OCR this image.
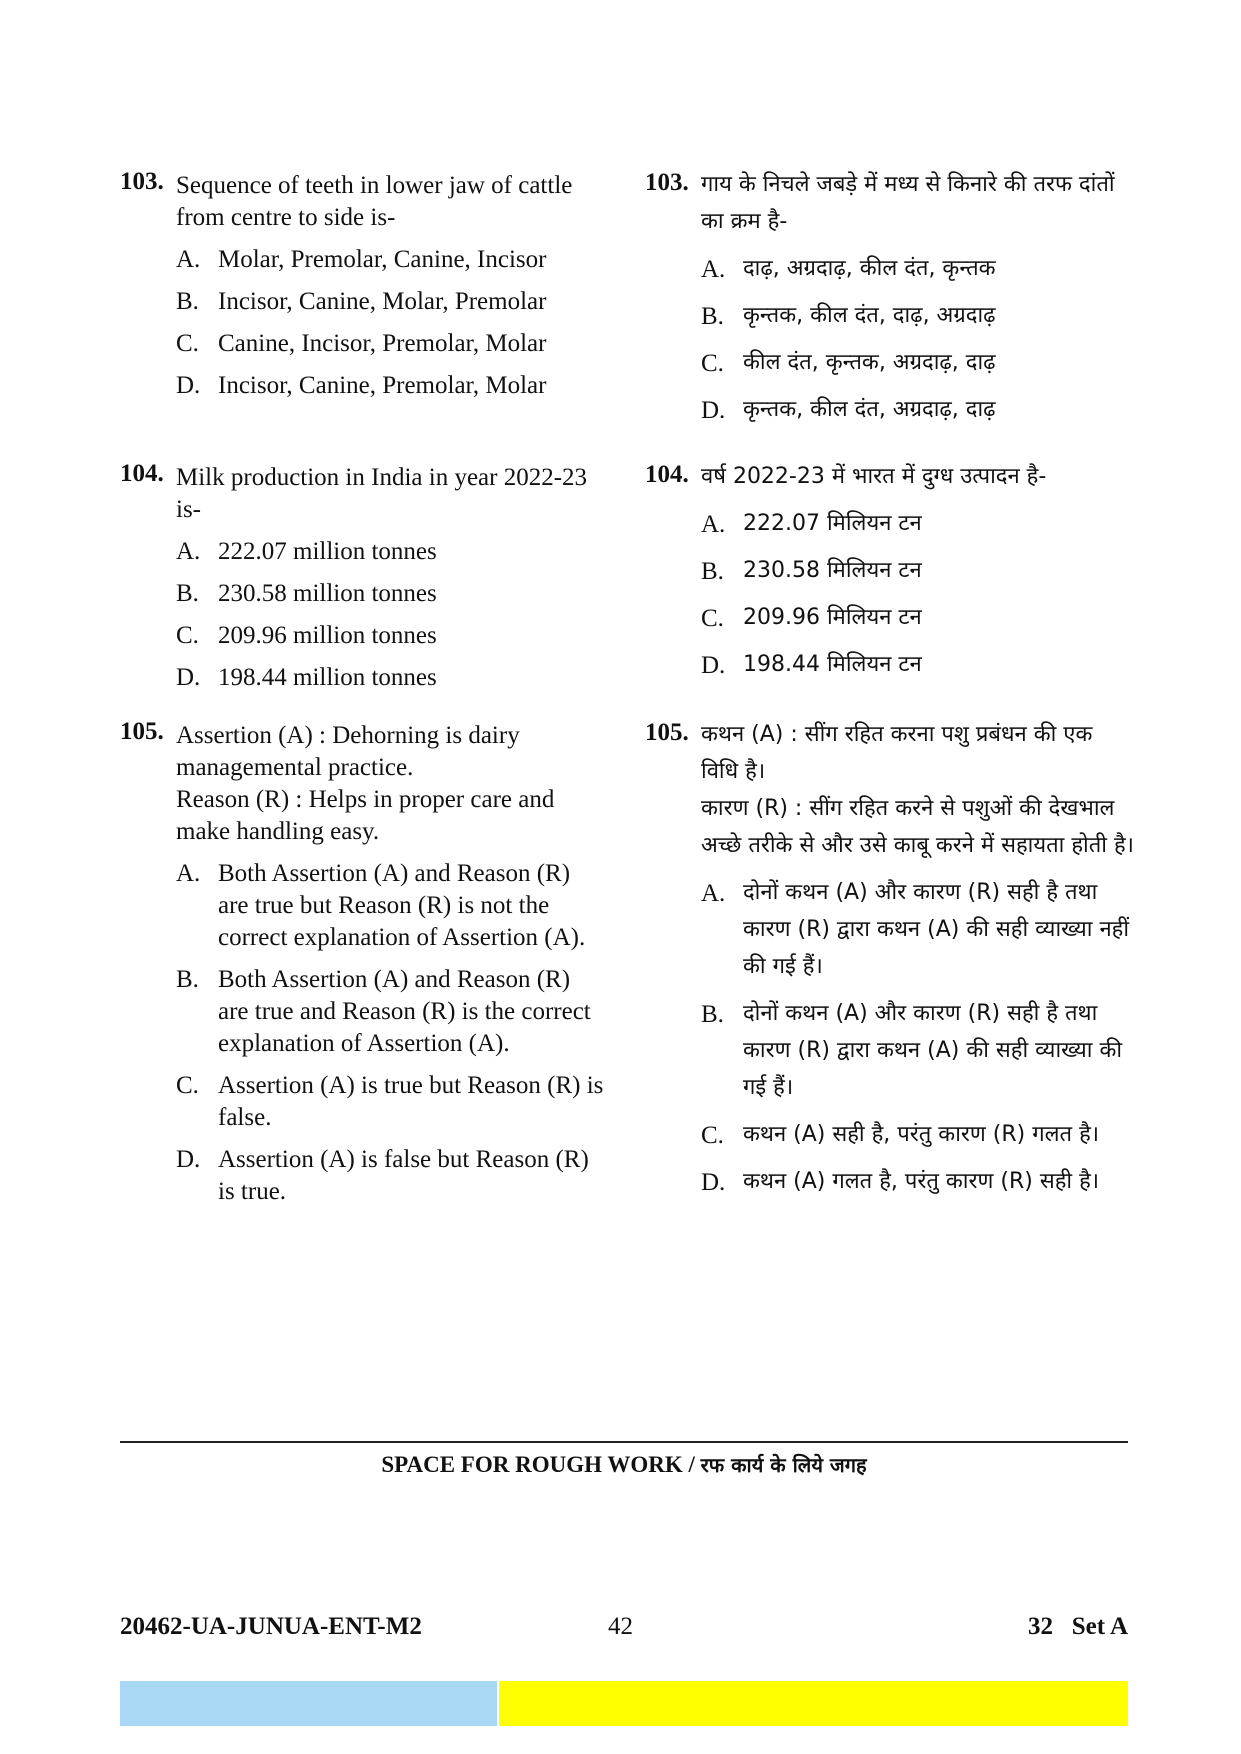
103. Sequence of teeth in lower jaw of cattle from centre to side is-

A. Molar, Premolar, Canine, Incisor
B. Incisor, Canine, Molar, Premolar
C. Canine, Incisor, Premolar, Molar
D. Incisor, Canine, Premolar, Molar
104. Milk production in India in year 2022-23 is-

A. 222.07 million tonnes
B. 230.58 million tonnes
C. 209.96 million tonnes
D. 198.44 million tonnes
105. Assertion (A) : Dehorning is dairy managemental practice.

Reason (R) : Helps in proper care and make handling easy.

A. Both Assertion (A) and Reason (R) are true but Reason (R) is not the correct explanation of Assertion (A).
B. Both Assertion (A) and Reason (R) are true and Reason (R) is the correct explanation of Assertion (A).
C. Assertion (A) is true but Reason (R) is false.
D. Assertion (A) is false but Reason (R) is true.
103. गाय के निचले जबड़े में मध्य से किनारे की तरफ दांतों का क्रम है-

A. दाढ़, अग्रदाढ़, कील दंत, कृन्तक
B. कृन्तक, कील दंत, दाढ़, अग्रदाढ़
C. कील दंत, कृन्तक, अग्रदाढ़, दाढ़
D. कृन्तक, कील दंत, अग्रदाढ़, दाढ़
104. वर्ष 2022-23 में भारत में दुग्ध उत्पादन है-

A. 222.07 मिलियन टन
B. 230.58 मिलियन टन
C. 209.96 मिलियन टन
D. 198.44 मिलियन टन
105. कथन (A) : सींग रहित करना पशु प्रबंधन की एक विधि है।

कारण (R) : सींग रहित करने से पशुओं की देखभाल अच्छे तरीके से और उसे काबू करने में सहायता होती है।

A. दोनों कथन (A) और कारण (R) सही है तथा कारण (R) द्वारा कथन (A) की सही व्याख्या नहीं की गई हैं।
B. दोनों कथन (A) और कारण (R) सही है तथा कारण (R) द्वारा कथन (A) की सही व्याख्या की गई हैं।
C. कथन (A) सही है, परंतु कारण (R) गलत है।
D. कथन (A) गलत है, परंतु कारण (R) सही है।
SPACE FOR ROUGH WORK / रफ कार्य के लिये जगह
20462-UA-JUNUA-ENT-M2	42	32   Set A
